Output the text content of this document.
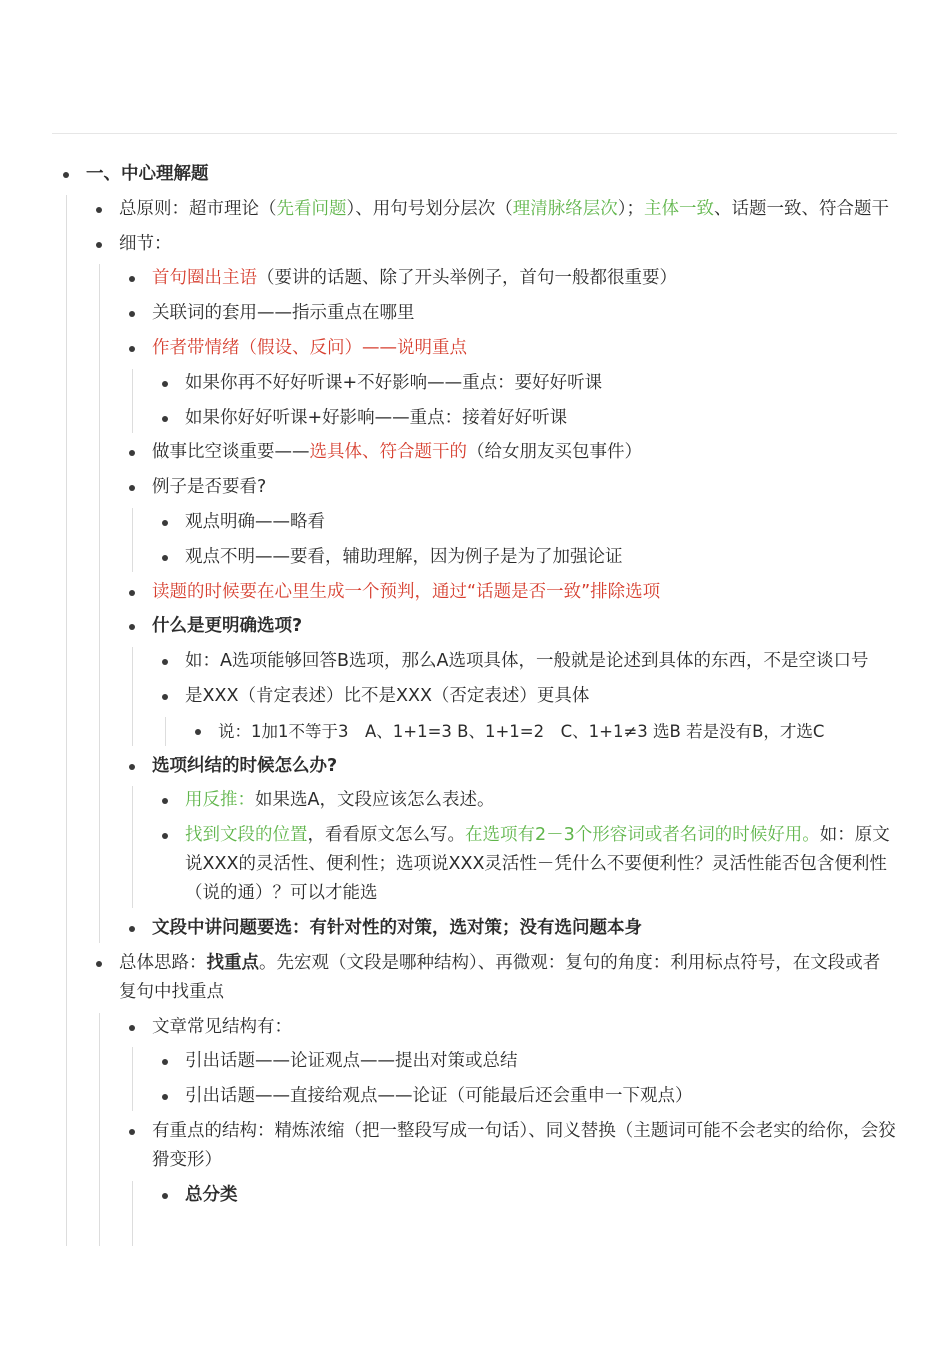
一、中心理解题
总原则：超市理论（先看问题）、用句号划分层次（理清脉络层次）；主体一致、话题一致、符合题干
细节：
首句圈出主语（要讲的话题、除了开头举例子，首句一般都很重要）
关联词的套用——指示重点在哪里
作者带情绪（假设、反问）——说明重点
如果你再不好好听课+不好影响——重点：要好好听课
如果你好好听课+好影响——重点：接着好好听课
做事比空谈重要——选具体、符合题干的（给女朋友买包事件）
例子是否要看?
观点明确——略看
观点不明——要看，辅助理解，因为例子是为了加强论证
读题的时候要在心里生成一个预判，通过“话题是否一致”排除选项
什么是更明确选项?
如：A选项能够回答B选项，那么A选项具体，一般就是论述到具体的东西，不是空谈口号
是XXX（肯定表述）比不是XXX（否定表述）更具体
说：1加1不等于3　A、1+1=3 B、1+1=2　C、1+1≠3 选B 若是没有B，才选C
选项纠结的时候怎么办?
用反推：如果选A，文段应该怎么表述。
找到文段的位置，看看原文怎么写。在选项有2－3个形容词或者名词的时候好用。如：原文说XXX的灵活性、便利性；选项说XXX灵活性－凭什么不要便利性？灵活性能否包含便利性（说的通）？可以才能选
文段中讲问题要选：有针对性的对策，选对策；没有选问题本身
总体思路：找重点。先宏观（文段是哪种结构）、再微观：复句的角度：利用标点符号，在文段或者复句中找重点
文章常见结构有：
引出话题——论证观点——提出对策或总结
引出话题——直接给观点——论证（可能最后还会重申一下观点）
有重点的结构：精炼浓缩（把一整段写成一句话）、同义替换（主题词可能不会老实的给你，会狡猾变形）
总分类
